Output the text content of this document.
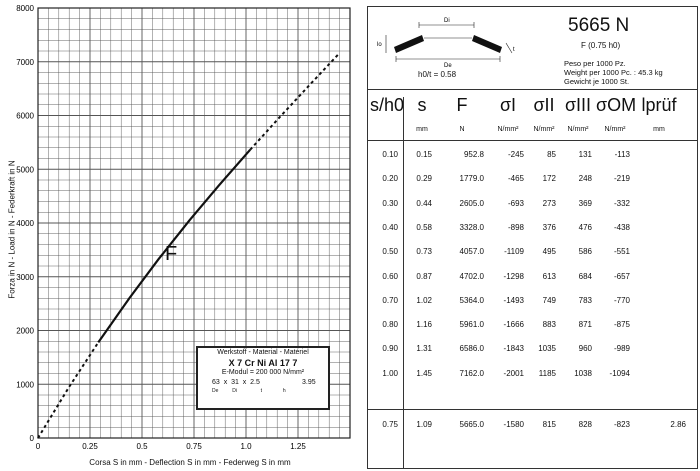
0
1000
2000
3000
4000
5000
6000
7000
8000
0	0.25	0.5	0.75	1.0	1.25
Forza in N - Load in N - Federkraft in N
Corsa S in mm - Deflection S in mm - Federweg S in mm
F
Werkstoff - Material - Matériel
X 7 Cr Ni Al 17 7
E-Modul = 200 000 N/mm²
63 x 31 x 2.5	3.95
De          Di                 t               h
Di
De
lo
t
5665 N
F (0.75 h0)
Peso per 1000 Pz.
Weight per 1000 Pc. : 45.3 kg
Gewicht je 1000 St.
h0/t = 0.58
s/h0 s
mm
F
N
σI
N/mm²
σII
N/mm²
σIII
N/mm²
σOM
N/mm²
lprüf
mm
0.10 0.15	952.8	-245	85	131	-113
0.20 0.29	1779.0	-465 172	248	-219
0.30 0.44	2605.0	-693 273	369	-332
0.40 0.58	3328.0	-898 376	476	-438
0.50 0.73	4057.0	-1109 495	586	-551
0.60 0.87	4702.0 -1298 613	684	-657
0.70 1.02	5364.0 -1493 749	783	-770
0.80 1.16	5961.0 -1666 883	871	-875
0.90 1.31	6586.0 -1843 1035	960	-989
1.00 1.45	7162.0 -2001 1185 1038 -1094
0.75 1.09	5665.0 -1580 815	828	-823	2.86
